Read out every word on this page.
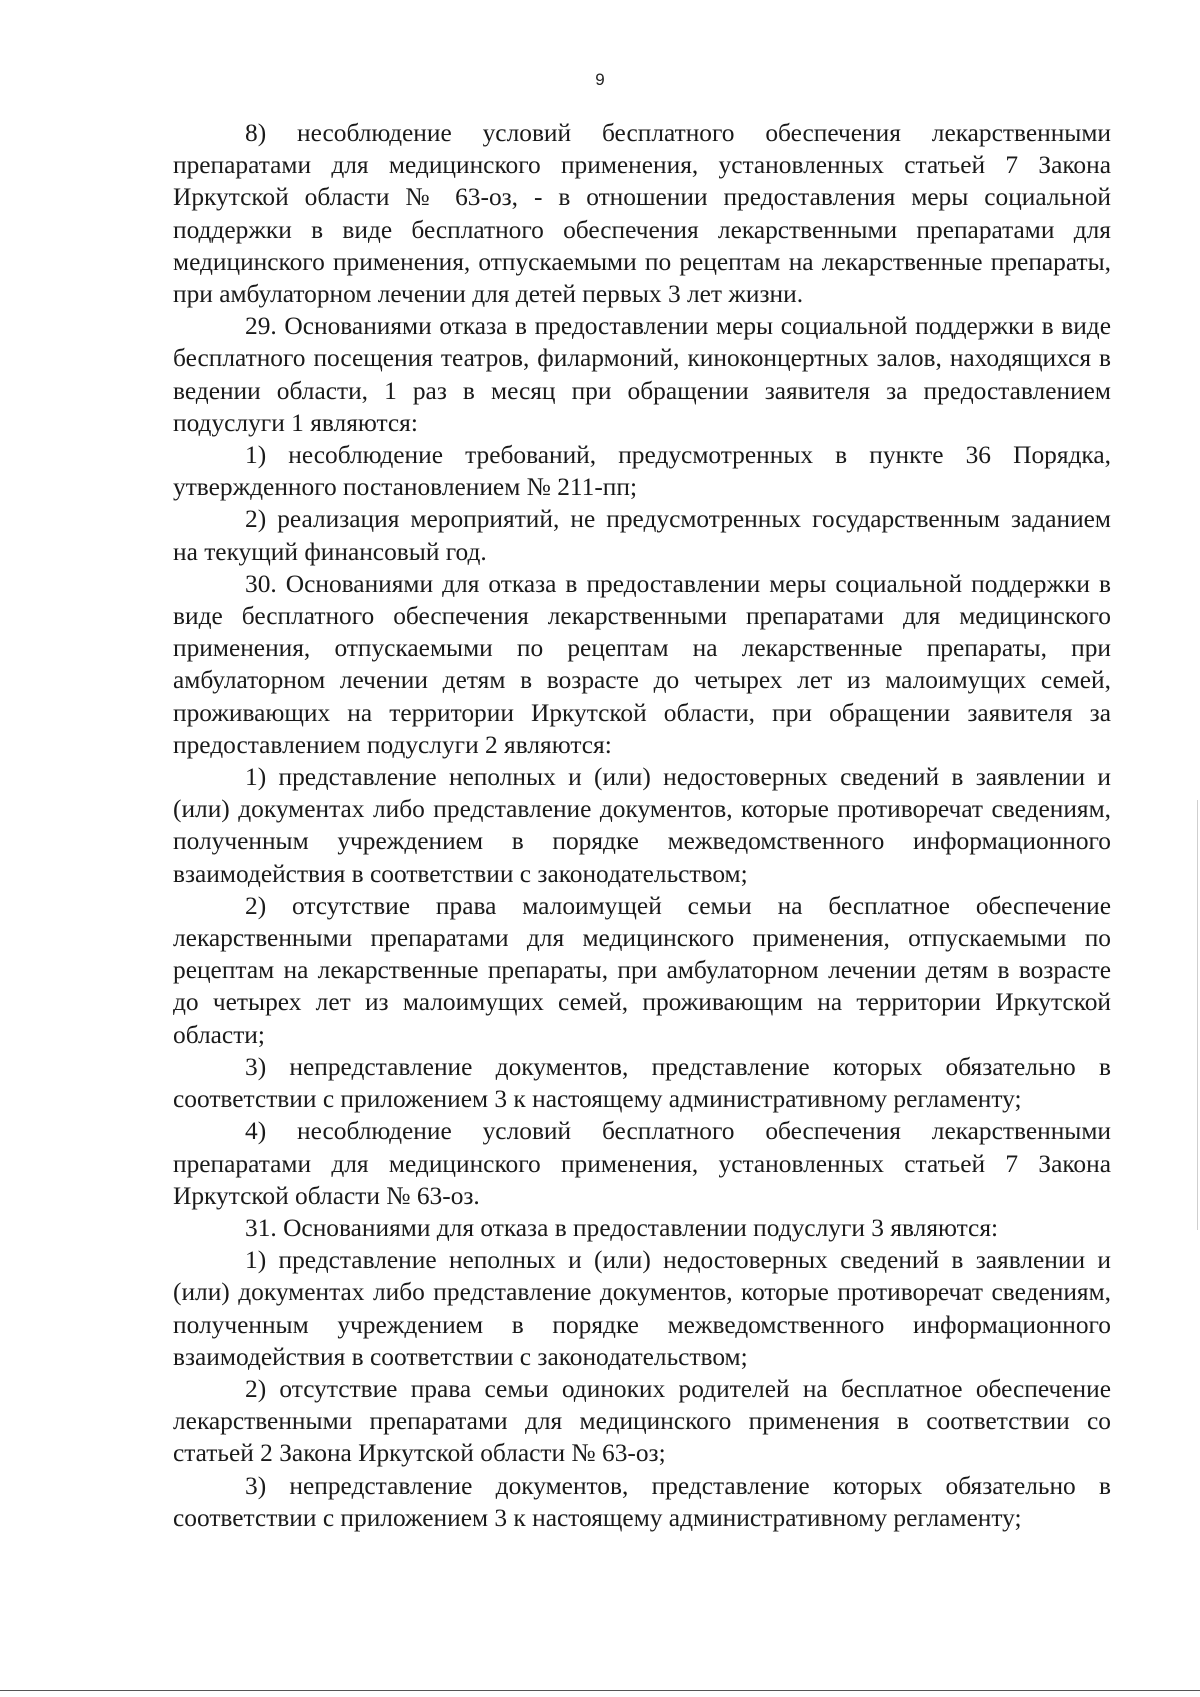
9

8) несоблюдение условий бесплатного обеспечения лекарственными препаратами для медицинского применения, установленных статьей 7 Закона Иркутской области № 63-оз, - в отношении предоставления меры социальной поддержки в виде бесплатного обеспечения лекарственными препаратами для медицинского применения, отпускаемыми по рецептам на лекарственные препараты, при амбулаторном лечении для детей первых 3 лет жизни.

29. Основаниями отказа в предоставлении меры социальной поддержки в виде бесплатного посещения театров, филармоний, киноконцертных залов, находящихся в ведении области, 1 раз в месяц при обращении заявителя за предоставлением подуслуги 1 являются:

1) несоблюдение требований, предусмотренных в пункте 36 Порядка, утвержденного постановлением № 211-пп;

2) реализация мероприятий, не предусмотренных государственным заданием на текущий финансовый год.

30. Основаниями для отказа в предоставлении меры социальной поддержки в виде бесплатного обеспечения лекарственными препаратами для медицинского применения, отпускаемыми по рецептам на лекарственные препараты, при амбулаторном лечении детям в возрасте до четырех лет из малоимущих семей, проживающих на территории Иркутской области, при обращении заявителя за предоставлением подуслуги 2 являются:

1) представление неполных и (или) недостоверных сведений в заявлении и (или) документах либо представление документов, которые противоречат сведениям, полученным учреждением в порядке межведомственного информационного взаимодействия в соответствии с законодательством;

2) отсутствие права малоимущей семьи на бесплатное обеспечение лекарственными препаратами для медицинского применения, отпускаемыми по рецептам на лекарственные препараты, при амбулаторном лечении детям в возрасте до четырех лет из малоимущих семей, проживающим на территории Иркутской области;

3) непредставление документов, представление которых обязательно в соответствии с приложением 3 к настоящему административному регламенту;

4) несоблюдение условий бесплатного обеспечения лекарственными препаратами для медицинского применения, установленных статьей 7 Закона Иркутской области № 63-оз.

31. Основаниями для отказа в предоставлении подуслуги 3 являются:

1) представление неполных и (или) недостоверных сведений в заявлении и (или) документах либо представление документов, которые противоречат сведениям, полученным учреждением в порядке межведомственного информационного взаимодействия в соответствии с законодательством;

2) отсутствие права семьи одиноких родителей на бесплатное обеспечение лекарственными препаратами для медицинского применения в соответствии со статьей 2 Закона Иркутской области № 63-оз;

3) непредставление документов, представление которых обязательно в соответствии с приложением 3 к настоящему административному регламенту;
